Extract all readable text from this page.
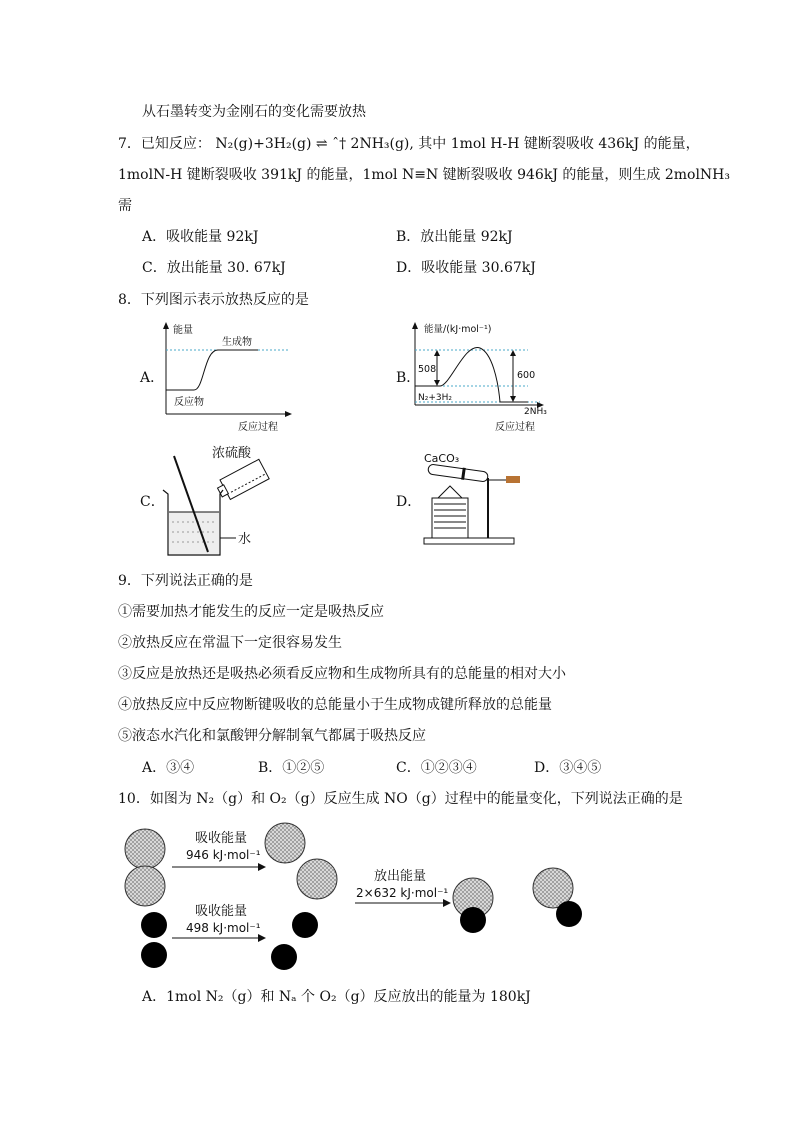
从石墨转变为金刚石的变化需要放热
7．已知反应： N₂(g)+3H₂(g) ⇌ ˆ† 2NH₃(g), 其中 1mol H-H 键断裂吸收 436kJ 的能量，
1molN-H 键断裂吸收 391kJ 的能量，1mol N≡N 键断裂吸收 946kJ 的能量，则生成 2molNH₃
需
A．吸收能量 92kJ	B．放出能量 92kJ
C．放出能量 30. 67kJ	D．吸收能量 30.67kJ
8．下列图示表示放热反应的是
A．	B．
C．	D．
能量
生成物
反应物
反应过程
能量/(kJ·mol⁻¹)
508
600
N₂+3H₂
2NH₃
反应过程
浓硫酸
水
CaCO₃
9．下列说法正确的是
①需要加热才能发生的反应一定是吸热反应
②放热反应在常温下一定很容易发生
③反应是放热还是吸热必须看反应物和生成物所具有的总能量的相对大小
④放热反应中反应物断键吸收的总能量小于生成物成键所释放的总能量
⑤液态水汽化和氯酸钾分解制氧气都属于吸热反应
A．③④	B．①②⑤	C．①②③④	D．③④⑤
10．如图为 N₂（g）和 O₂（g）反应生成 NO（g）过程中的能量变化，下列说法正确的是
吸收能量
946 kJ·mol⁻¹
吸收能量
498 kJ·mol⁻¹
放出能量
2×632 kJ·mol⁻¹
A．1mol N₂（g）和 Nₐ 个 O₂（g）反应放出的能量为 180kJ
